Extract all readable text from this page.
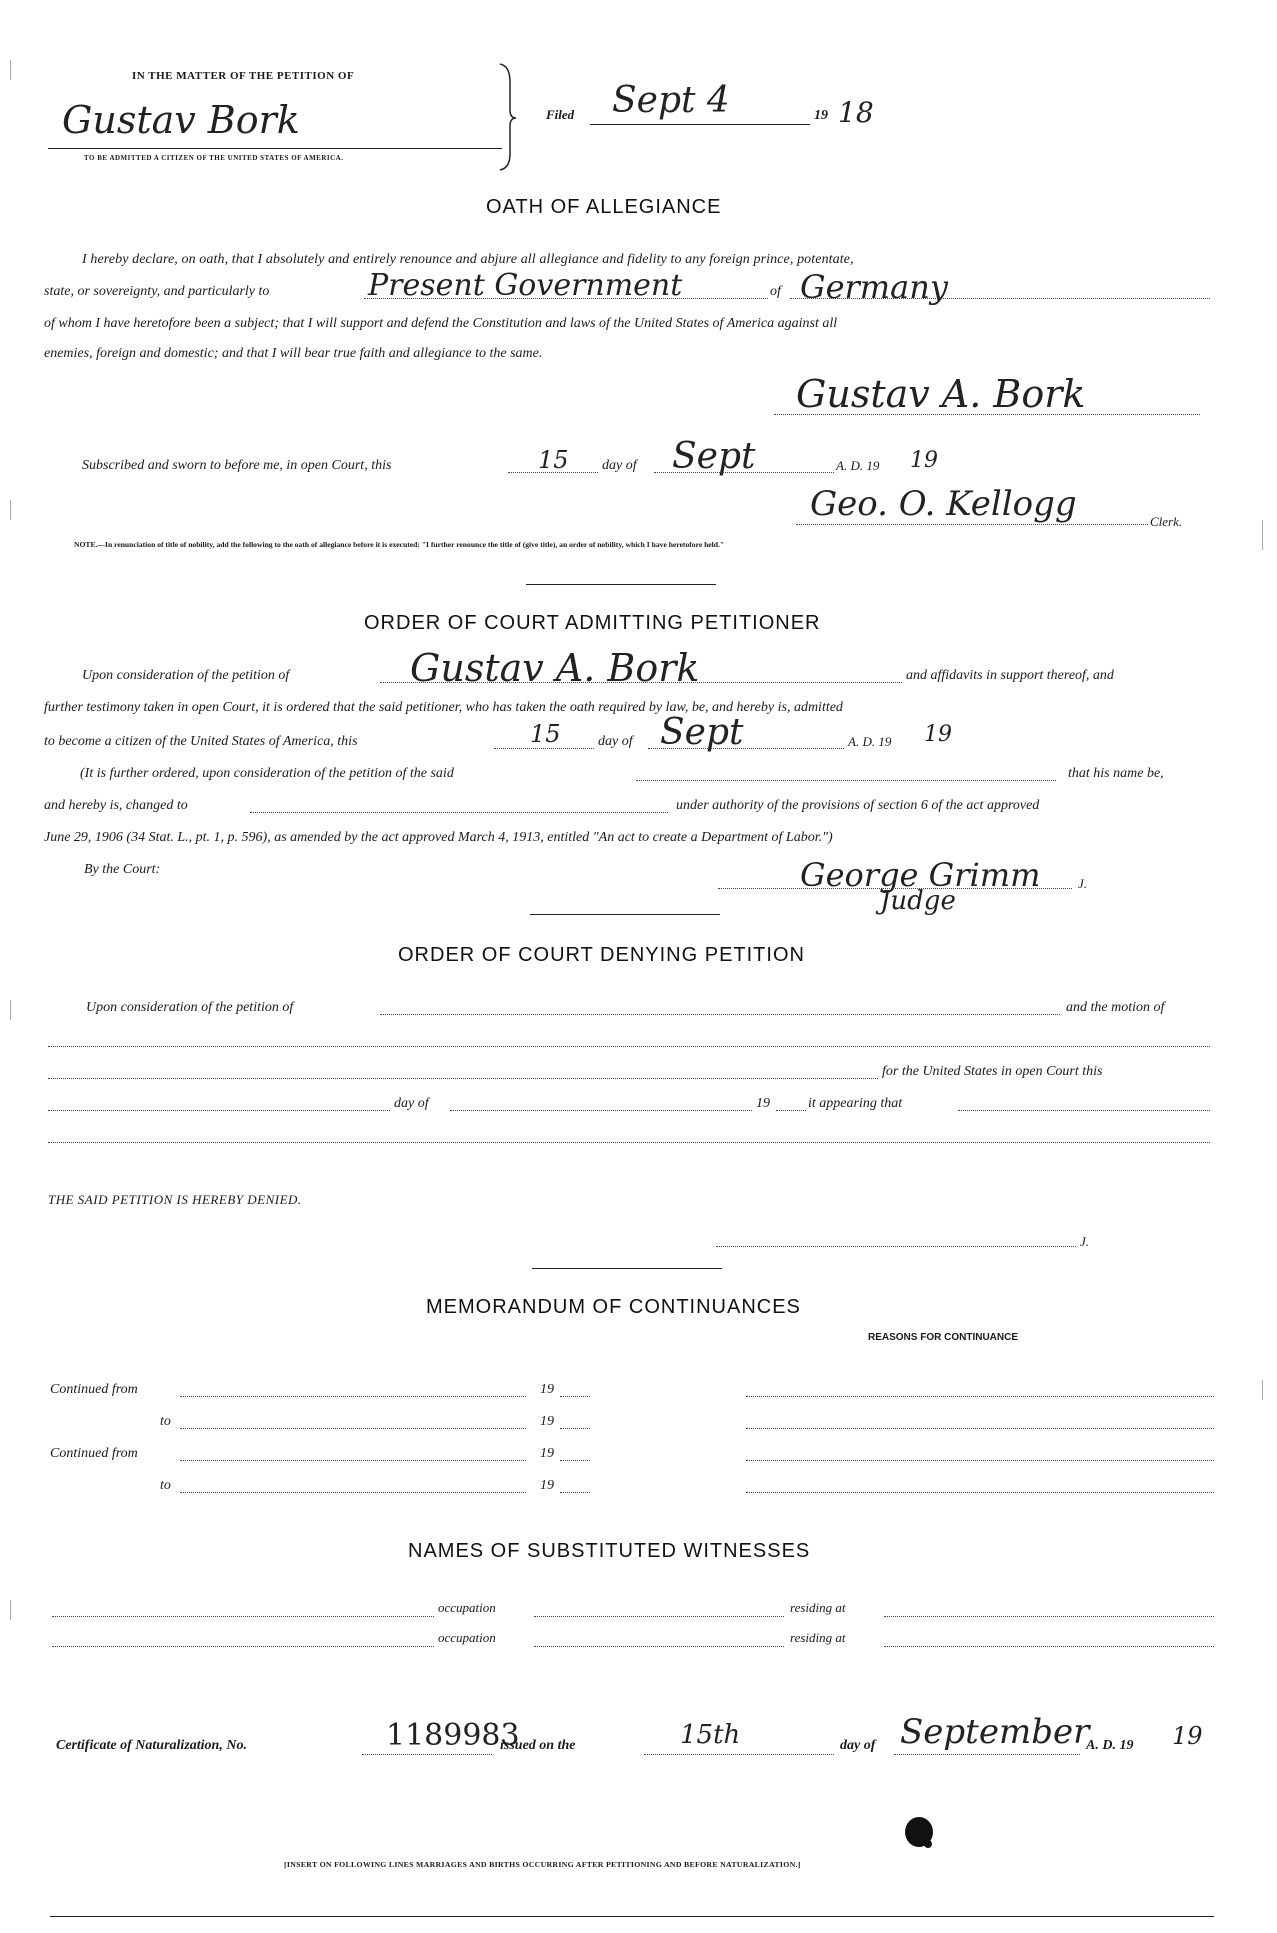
IN THE MATTER OF THE PETITION OF
Gustav Bork
TO BE ADMITTED A CITIZEN OF THE UNITED STATES OF AMERICA.
Filed Sept 4	19 18
OATH OF ALLEGIANCE
I hereby declare, on oath, that I absolutely and entirely renounce and abjure all allegiance and fidelity to any foreign prince, potentate,
state, or sovereignty, and particularly to	Present Government	of Germany
of whom I have heretofore been a subject; that I will support and defend the Constitution and laws of the United States of America against all
enemies, foreign and domestic; and that I will bear true faith and allegiance to the same.
Gustav A. Bork
Subscribed and sworn to before me, in open Court, this	15 day of Sept	A. D. 19 19
Geo. O. Kellogg	Clerk.
NOTE.—In renunciation of title of nobility, add the following to the oath of allegiance before it is executed: "I further renounce the title of (give title), an order of nobility, which I have heretofore held."
ORDER OF COURT ADMITTING PETITIONER
Upon consideration of the petition of	Gustav A. Bork	and affidavits in support thereof, and
further testimony taken in open Court, it is ordered that the said petitioner, who has taken the oath required by law, be, and hereby is, admitted
to become a citizen of the United States of America, this	15	day of Sept	A. D. 19 19
(It is further ordered, upon consideration of the petition of the said	that his name be,
and hereby is, changed to	under authority of the provisions of section 6 of the act approved
June 29, 1906 (34 Stat. L., pt. 1, p. 596), as amended by the act approved March 4, 1913, entitled "An act to create a Department of Labor.")
By the Court:	George Grimm
Judge
J.
ORDER OF COURT DENYING PETITION
Upon consideration of the petition of	and the motion of
for the United States in open Court this
day of	19	it appearing that
THE SAID PETITION IS HEREBY DENIED.
J.
MEMORANDUM OF CONTINUANCES
REASONS FOR CONTINUANCE
Continued from	19
to	19
Continued from	19
to	19
NAMES OF SUBSTITUTED WITNESSES
occupation	residing at
occupation	residing at
Certificate of Naturalization, No.	1189983
issued on the	15th	day of September
A. D. 19 19
[INSERT ON FOLLOWING LINES MARRIAGES AND BIRTHS OCCURRING AFTER PETITIONING AND BEFORE NATURALIZATION.]
